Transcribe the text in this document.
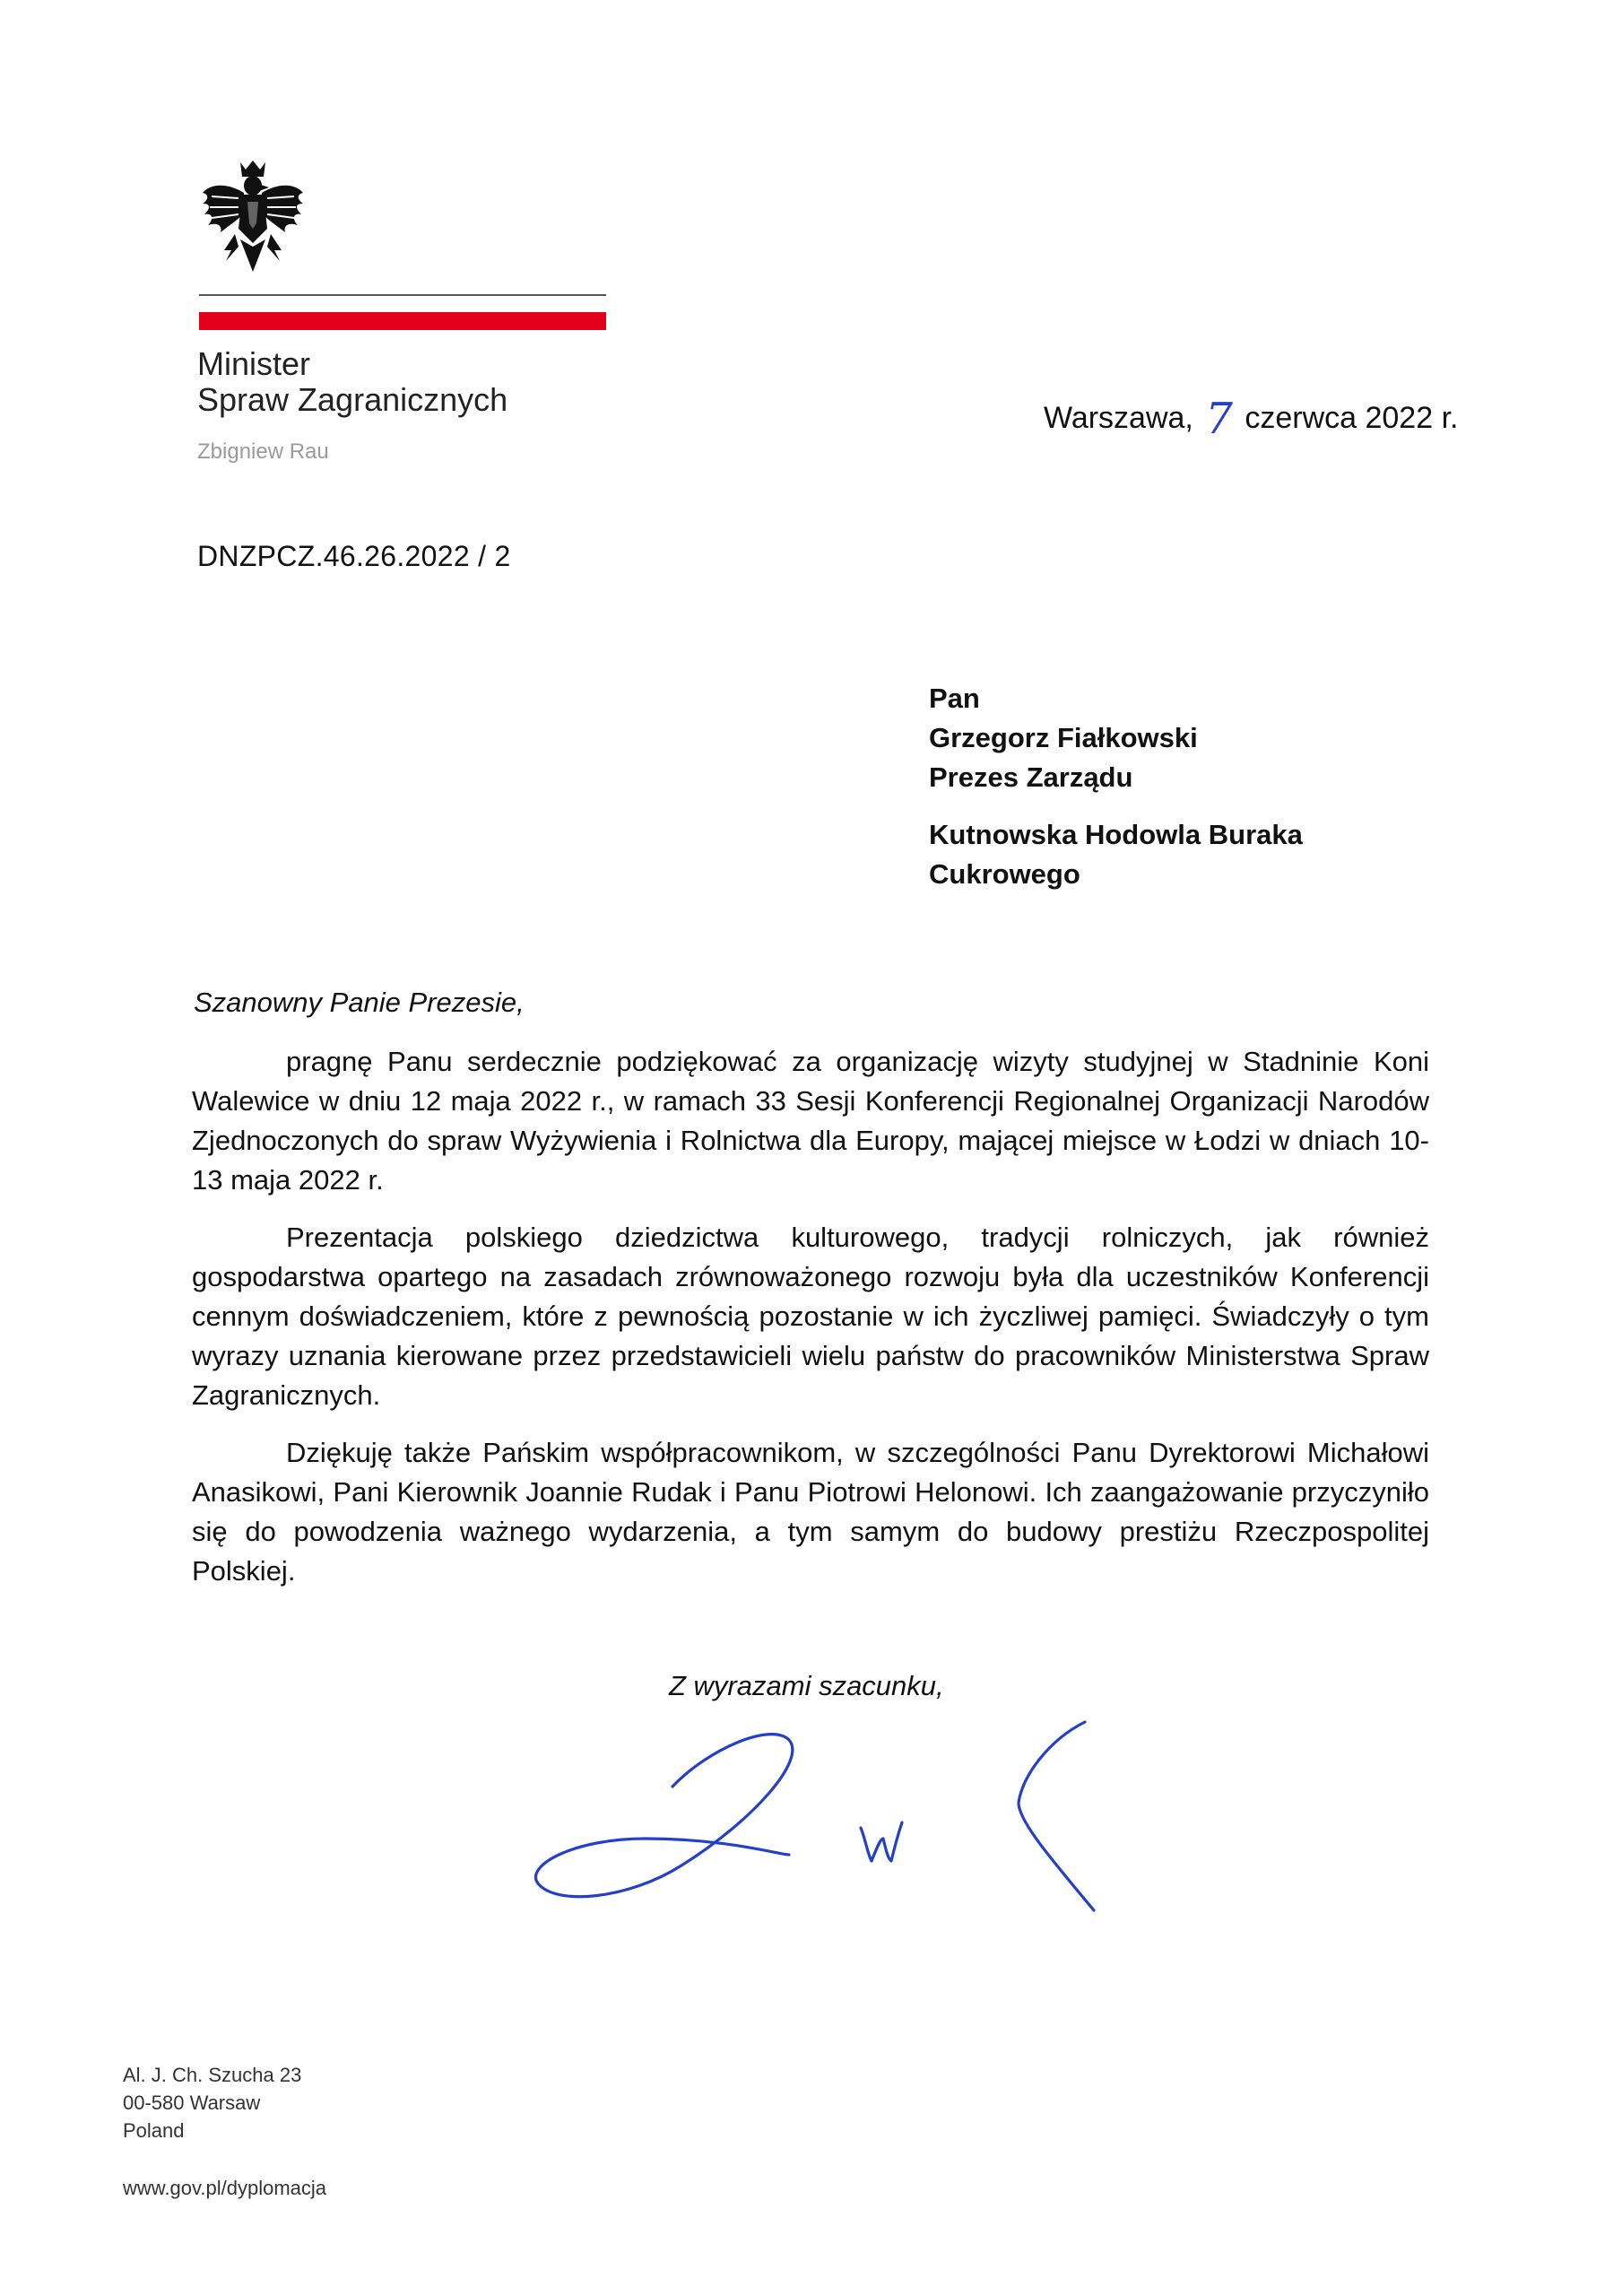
Minister
Spraw Zagranicznych
Zbigniew Rau
Warszawa, 7 czerwca 2022 r.
DNZPCZ.46.26.2022 / 2
Pan
Grzegorz Fiałkowski
Prezes Zarządu
Kutnowska Hodowla Buraka
Cukrowego
Szanowny Panie Prezesie,

pragnę Panu serdecznie podziękować za organizację wizyty studyjnej w Stadninie Koni Walewice w dniu 12 maja 2022 r., w ramach 33 Sesji Konferencji Regionalnej Organizacji Narodów Zjednoczonych do spraw Wyżywienia i Rolnictwa dla Europy, mającej miejsce w Łodzi w dniach 10-13 maja 2022 r.

Prezentacja polskiego dziedzictwa kulturowego, tradycji rolniczych, jak również gospodarstwa opartego na zasadach zrównoważonego rozwoju była dla uczestników Konferencji cennym doświadczeniem, które z pewnością pozostanie w ich życzliwej pamięci. Świadczyły o tym wyrazy uznania kierowane przez przedstawicieli wielu państw do pracowników Ministerstwa Spraw Zagranicznych.

Dziękuję także Pańskim współpracownikom, w szczególności Panu Dyrektorowi Michałowi Anasikowi, Pani Kierownik Joannie Rudak i Panu Piotrowi Helonowi. Ich zaangażowanie przyczyniło się do powodzenia ważnego wydarzenia, a tym samym do budowy prestiżu Rzeczpospolitej Polskiej.

Z wyrazami szacunku,
Al. J. Ch. Szucha 23
00-580 Warsaw
Poland
www.gov.pl/dyplomacja
